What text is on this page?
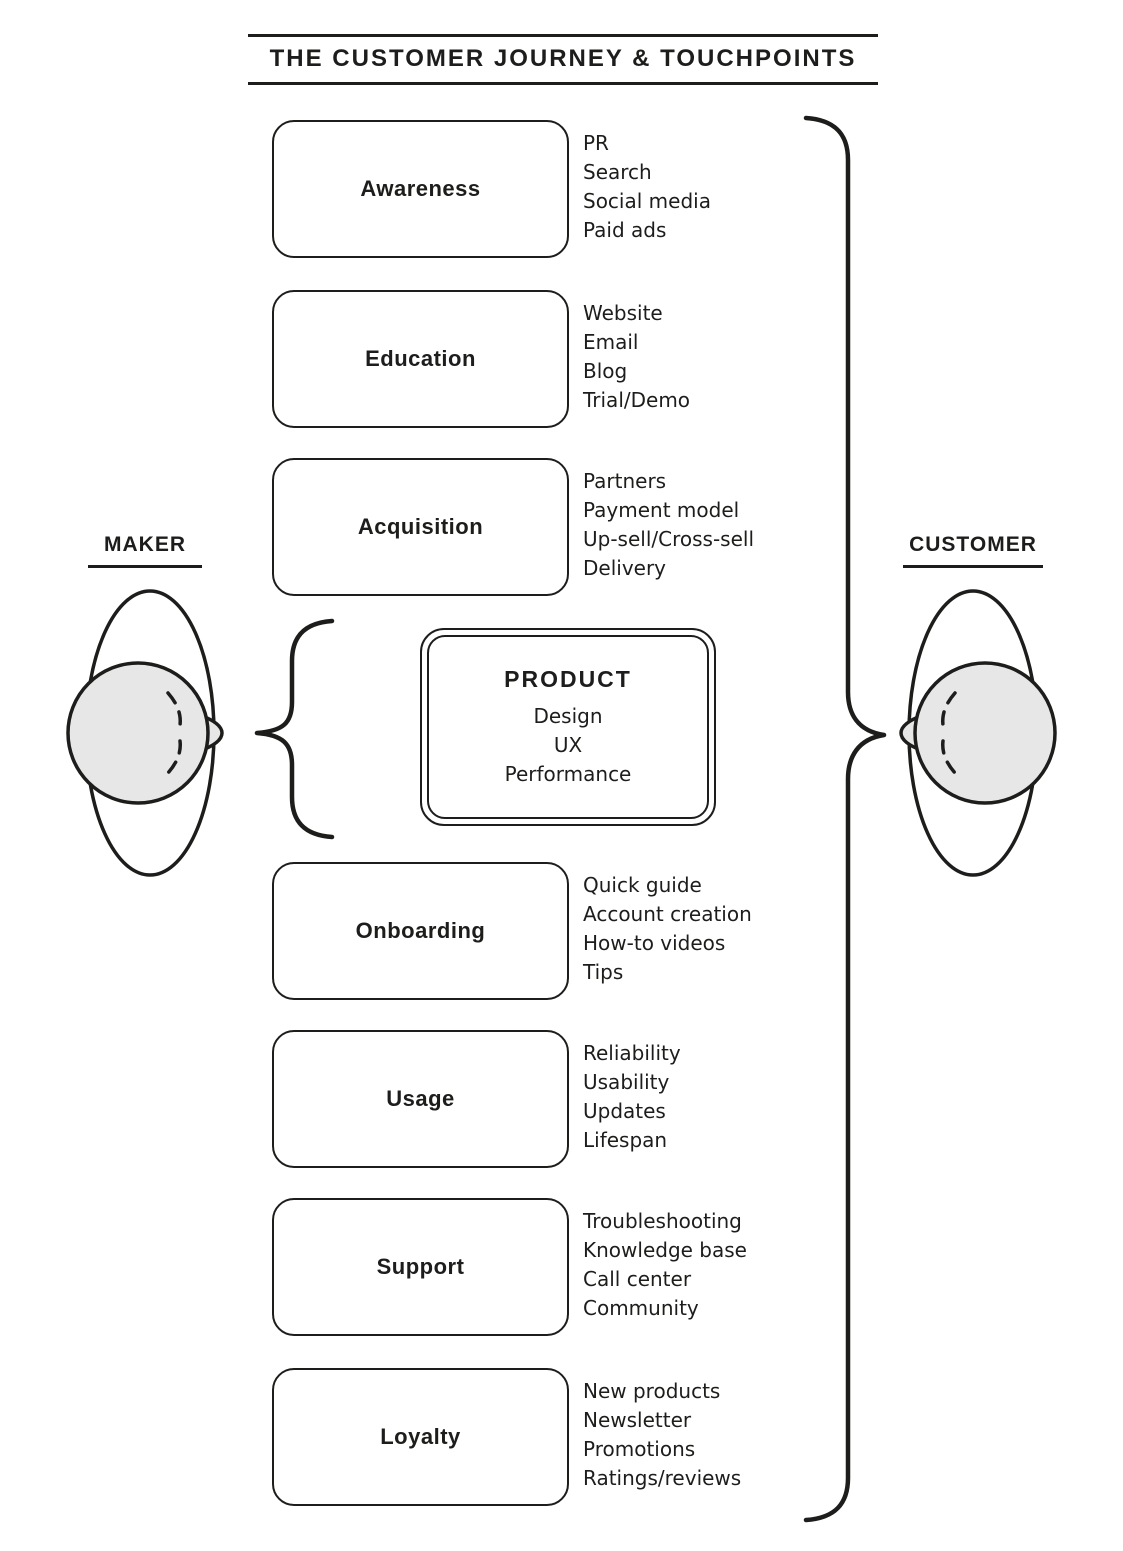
THE CUSTOMER JOURNEY & TOUCHPOINTS
MAKER	CUSTOMER
Awareness
PR
Search
Social media
Paid ads
Education
Website
Email
Blog
Trial/Demo
Acquisition
Partners
Payment model
Up-sell/Cross-sell
Delivery
PRODUCT
Design
UX
Performance
Onboarding
Quick guide
Account creation
How-to videos
Tips
Usage
Reliability
Usability
Updates
Lifespan
Support
Troubleshooting
Knowledge base
Call center
Community
Loyalty
New products
Newsletter
Promotions
Ratings/reviews
